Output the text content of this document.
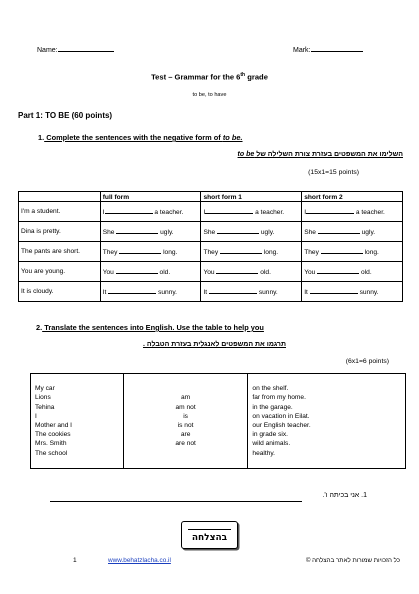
Name:	Mark:
Test – Grammar for the 6th grade
to be, to have
Part 1: TO BE (60 points)
1. Complete the sentences with the negative form of to be.
השלימו את המשפטים בעזרת צורת השלילה של to be
(15x1=15 points)
	full form	short form 1	short form 2
I'm a student.	I a teacher.	I a teacher.	I a teacher.
Dina is pretty.	She ugly.	She ugly.	She ugly.
The pants are short.	They long.	They long.	They long.
You are young.	You old.	You old.	You old.
It is cloudy.	It sunny.	It sunny.	It sunny.
2. Translate the sentences into English. Use the table to help you
תרגמו את המשפטים לאנגלית בעזרת הטבלה .
(6x1=6 points)
My car
Lions
Tehina
I
Mother and I
The cookies
Mrs. Smith
The school

am
am not
is
is not
are
are not

on the shelf.
far from my home.
in the garage.
on vacation in Eilat.
our English teacher.
in grade six.
wild animals.
healthy.
1. אני בכיתה ו'.
בהצלחה
1	www.behatzlacha.co.il	כל הזכויות שמורות לאתר בהצלחה ©
